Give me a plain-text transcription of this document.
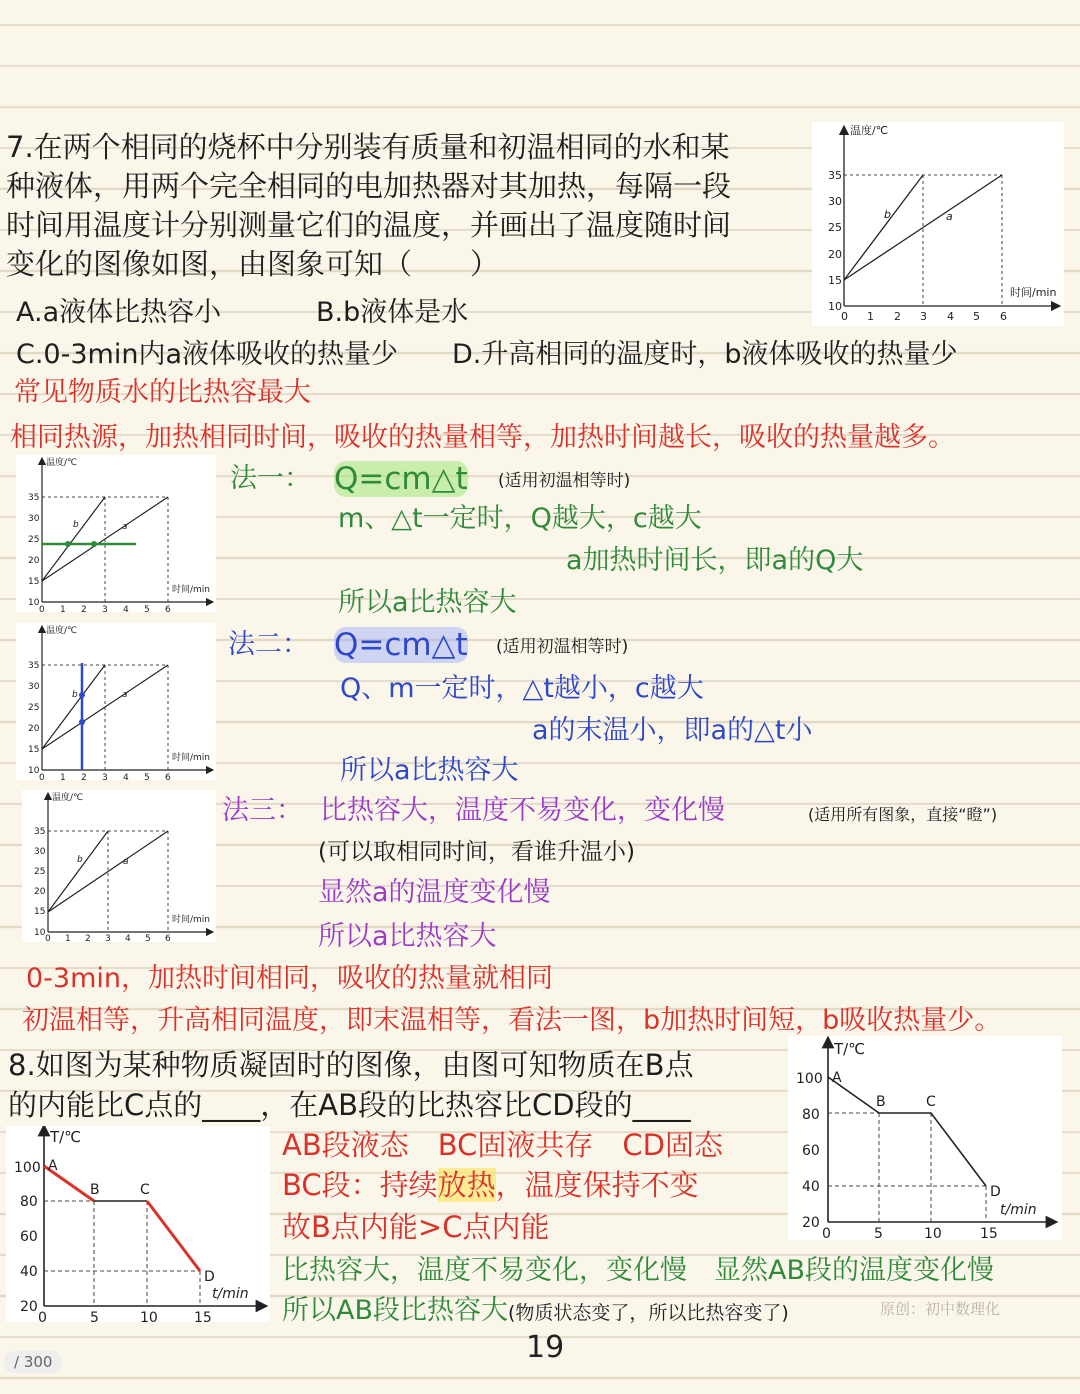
7.在两个相同的烧杯中分别装有质量和初温相同的水和某
种液体，用两个完全相同的电加热器对其加热，每隔一段
时间用温度计分别测量它们的温度，并画出了温度随时间
变化的图像如图，由图象可知（　　）
A.a液体比热容小	B.b液体是水
C.0-3min内a液体吸收的热量少 D.升高相同的温度时，b液体吸收的热量少
温度/℃
时间/min
10
15
20
25
30
35
0 1 2 3 4 5 6
b	a
常见物质水的比热容最大
相同热源，加热相同时间，吸收的热量相等，加热时间越长，吸收的热量越多。
温度/℃
时间/min
10
15
20
25
30
35
0 1 2 3 4 5 6
b	a
法一： Q=cm△t (适用初温相等时)
m、△t一定时，Q越大，c越大
a加热时间长，即a的Q大
所以a比热容大
温度/℃
时间/min
10
15
20
25
30
35
0 1 2 3 4 5 6
b	a
法二： Q=cm△t (适用初温相等时)
Q、m一定时，△t越小，c越大
a的末温小，即a的△t小
所以a比热容大
温度/℃
时间/min
10
15
20
25
30
35
0 1 2 3 4 5 6
b	a
法三： 比热容大，温度不易变化，变化慢	(适用所有图象，直接“瞪”)
(可以取相同时间，看谁升温小)
显然a的温度变化慢
所以a比热容大
0-3min，加热时间相同，吸收的热量就相同
初温相等，升高相同温度，即末温相等，看法一图，b加热时间短，b吸收热量少。
8.如图为某种物质凝固时的图像，由图可知物质在B点
的内能比C点的____，在AB段的比热容比CD段的____
T/℃
t/min
20
40
60
80
100
0	5	10	15
A
B	C
D
T/℃
t/min
20
40
60
80
100
0	5	10	15
A
B	C
D
AB段液态　BC固液共存　CD固态
BC段：持续放热，温度保持不变
故B点内能>C点内能
比热容大，温度不易变化，变化慢　显然AB段的温度变化慢
所以AB段比热容大(物质状态变了，所以比热容变了)	原创：初中数理化
19
/ 300
